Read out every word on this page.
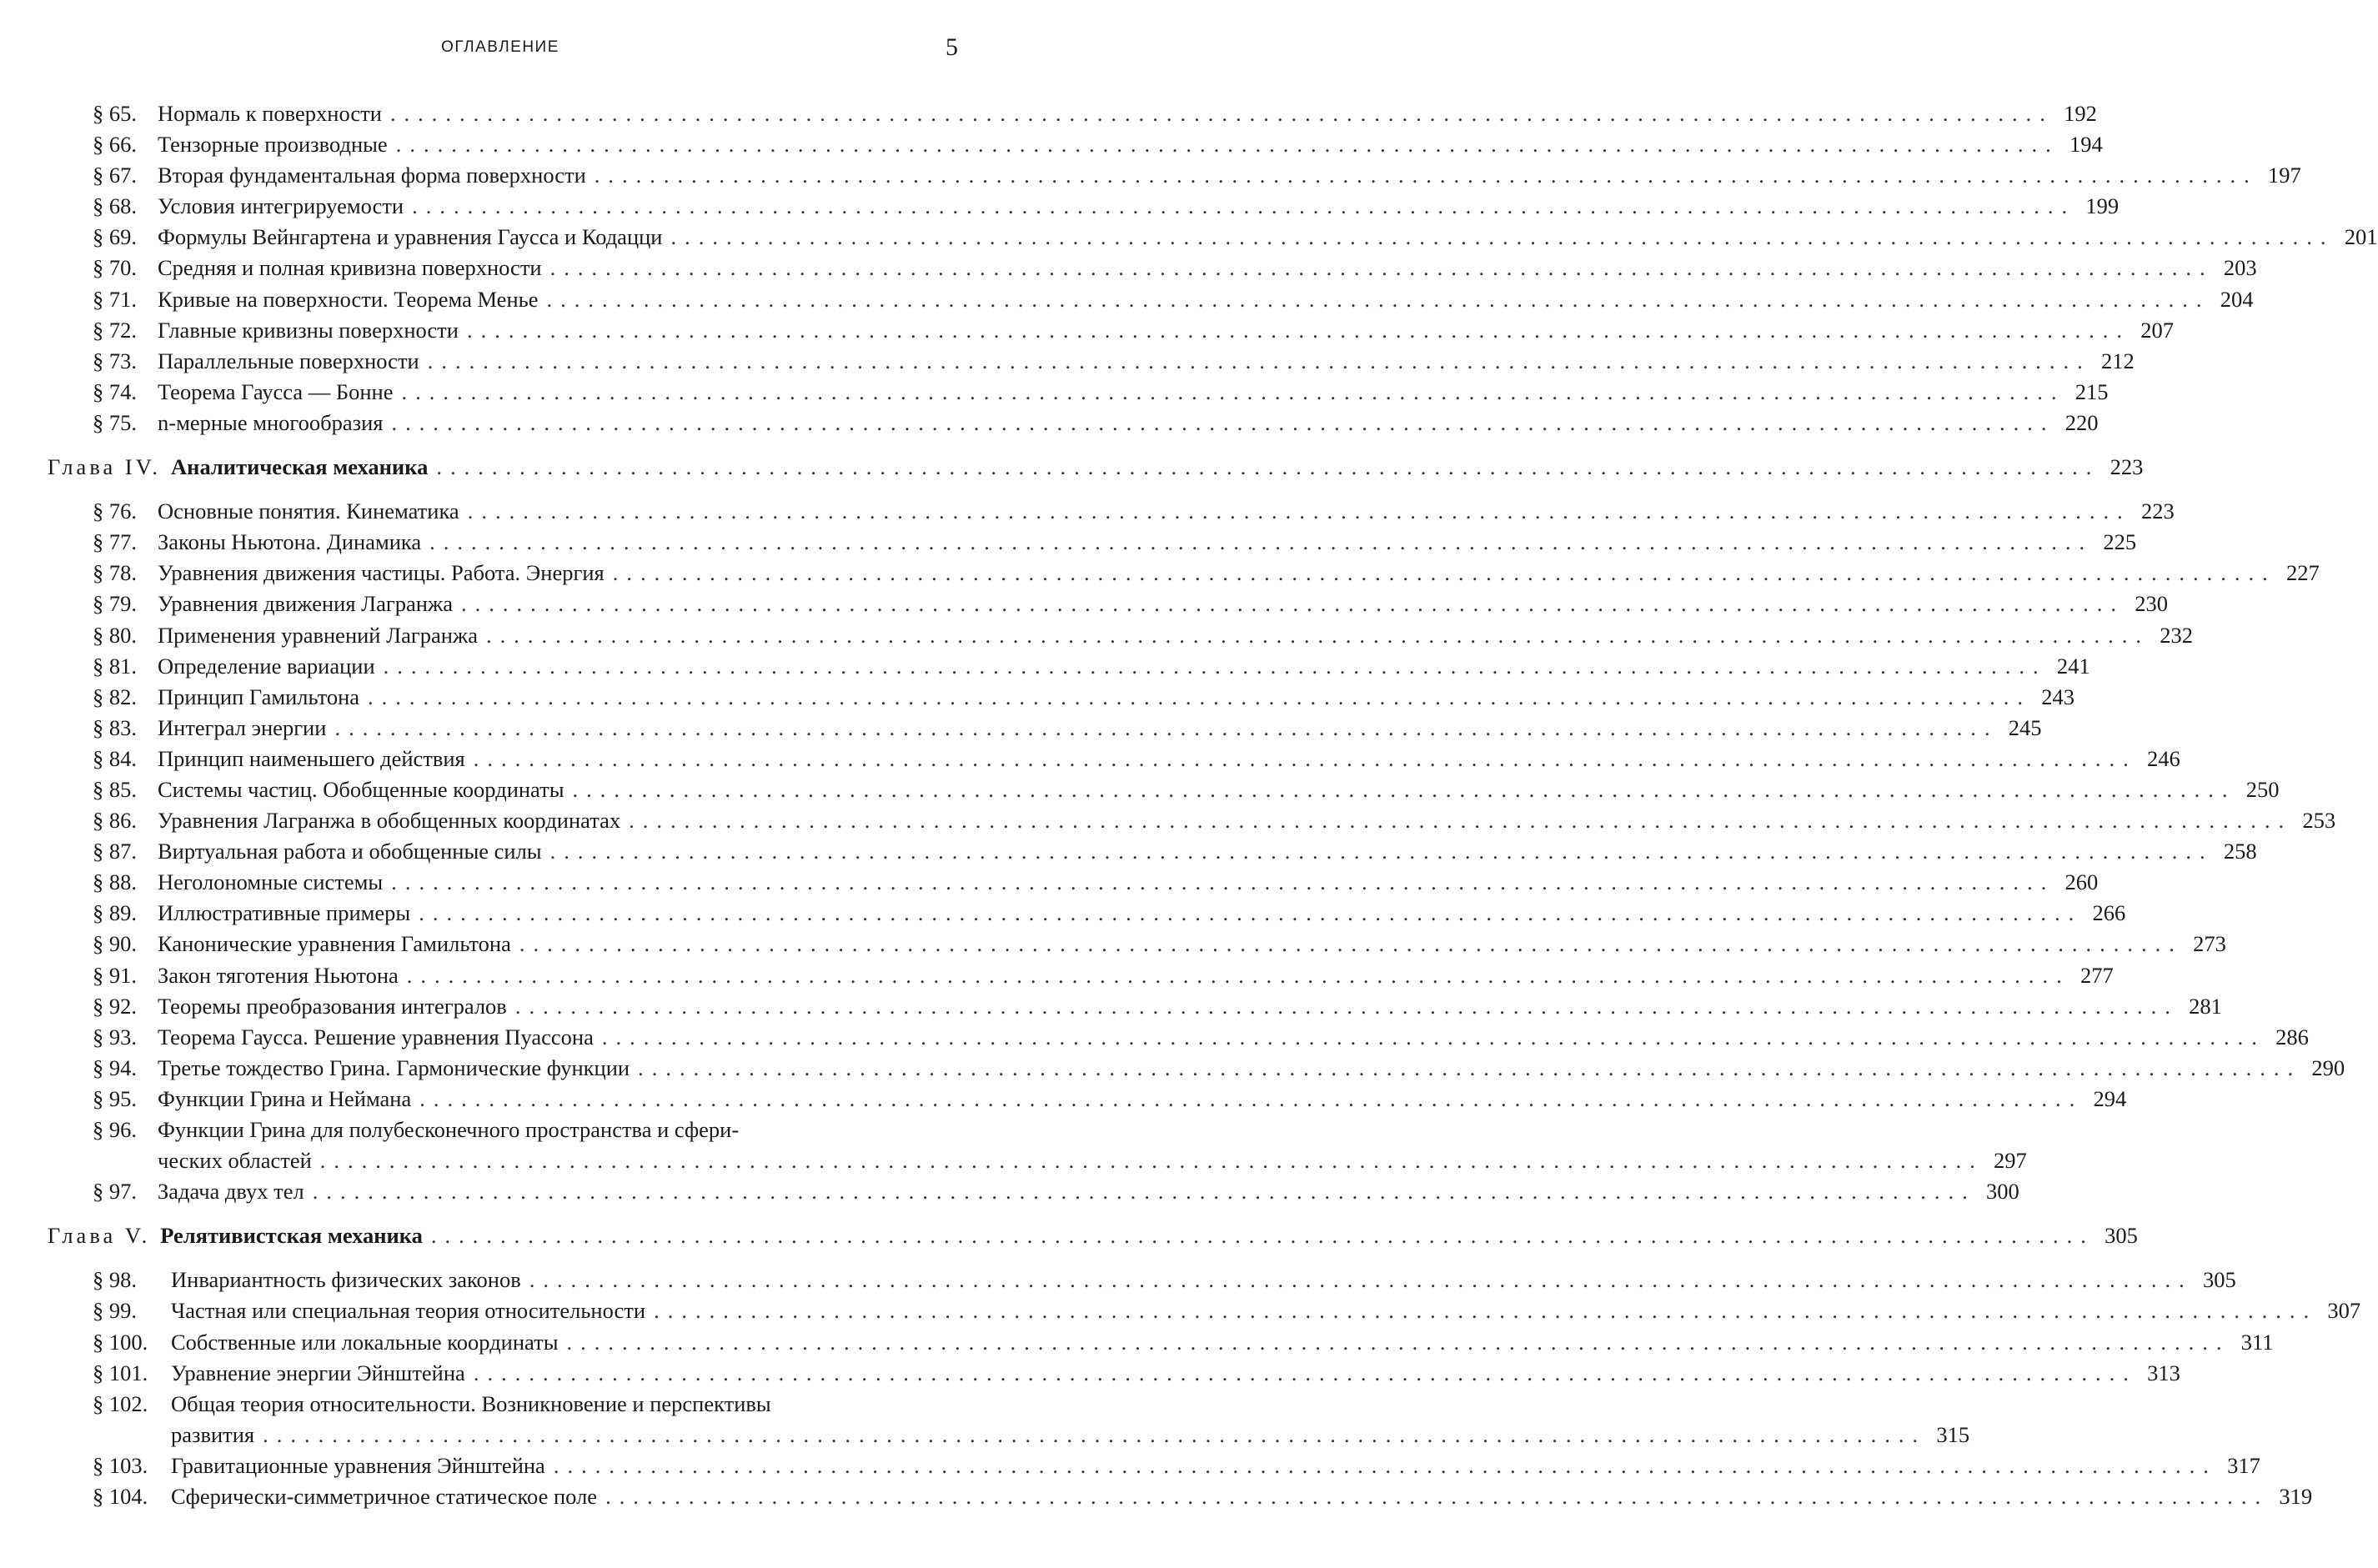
ОГЛАВЛЕНИЕ	5
§ 65. Нормаль к поверхности ........................................................................................................................ 192
§ 66. Тензорные производные ........................................................................................................................ 194
§ 67. Вторая фундаментальная форма поверхности ........................................................................................................................ 197
§ 68. Условия интегрируемости ........................................................................................................................ 199
§ 69. Формулы Вейнгартена и уравнения Гаусса и Кодацци ........................................................................................................................ 201
§ 70. Средняя и полная кривизна поверхности ........................................................................................................................ 203
§ 71. Кривые на поверхности. Теорема Менье ........................................................................................................................ 204
§ 72. Главные кривизны поверхности ........................................................................................................................ 207
§ 73. Параллельные поверхности ........................................................................................................................ 212
§ 74. Теорема Гаусса — Бонне ........................................................................................................................ 215
§ 75. n-мерные многообразия ........................................................................................................................ 220
Глава IV. Аналитическая механика ........................................................................................................................ 223
§ 76. Основные понятия. Кинематика ........................................................................................................................ 223
§ 77. Законы Ньютона. Динамика ........................................................................................................................ 225
§ 78. Уравнения движения частицы. Работа. Энергия ........................................................................................................................ 227
§ 79. Уравнения движения Лагранжа ........................................................................................................................ 230
§ 80. Применения уравнений Лагранжа ........................................................................................................................ 232
§ 81. Определение вариации ........................................................................................................................ 241
§ 82. Принцип Гамильтона ........................................................................................................................ 243
§ 83. Интеграл энергии ........................................................................................................................ 245
§ 84. Принцип наименьшего действия ........................................................................................................................ 246
§ 85. Системы частиц. Обобщенные координаты ........................................................................................................................ 250
§ 86. Уравнения Лагранжа в обобщенных координатах ........................................................................................................................ 253
§ 87. Виртуальная работа и обобщенные силы ........................................................................................................................ 258
§ 88. Неголономные системы ........................................................................................................................ 260
§ 89. Иллюстративные примеры ........................................................................................................................ 266
§ 90. Канонические уравнения Гамильтона ........................................................................................................................ 273
§ 91. Закон тяготения Ньютона ........................................................................................................................ 277
§ 92. Теоремы преобразования интегралов ........................................................................................................................ 281
§ 93. Теорема Гаусса. Решение уравнения Пуассона ........................................................................................................................ 286
§ 94. Третье тождество Грина. Гармонические функции ........................................................................................................................ 290
§ 95. Функции Грина и Неймана ........................................................................................................................ 294
§ 96. Функции Грина для полубесконечного пространства и сфери-
ческих областей ........................................................................................................................ 297
§ 97. Задача двух тел ........................................................................................................................ 300
Глава V. Релятивистская механика ........................................................................................................................ 305
§ 98.	Инвариантность физических законов ........................................................................................................................ 305
§ 99.	Частная или специальная теория относительности ........................................................................................................................ 307
§ 100.	Собственные или локальные координаты ........................................................................................................................ 311
§ 101.	Уравнение энергии Эйнштейна ........................................................................................................................ 313
§ 102.	Общая теория относительности. Возникновение и перспективы
развития ........................................................................................................................ 315
§ 103.	Гравитационные уравнения Эйнштейна ........................................................................................................................ 317
§ 104.	Сферически-симметричное статическое поле ........................................................................................................................ 319
